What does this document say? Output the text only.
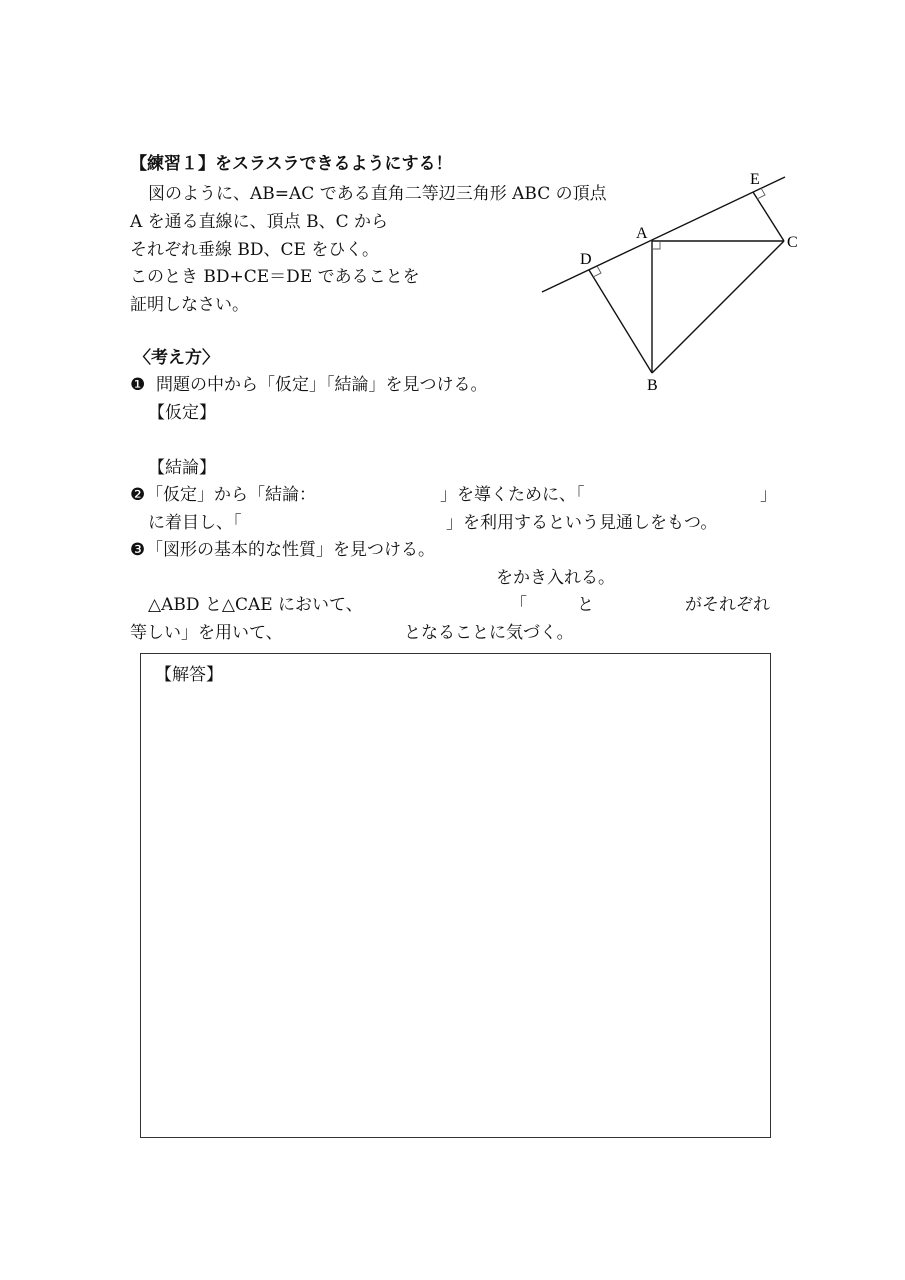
【練習１】をスラスラできるようにする！
図のように、AB=AC である直角二等辺三角形 ABC の頂点
A を通る直線に、頂点 B、C から
それぞれ垂線 BD、CE をひく。
このとき BD+CE＝DE であることを
証明しなさい。
A
B
C
D
E
〈考え方〉
❶ 問題の中から「仮定」「結論」を見つける。
【仮定】
【結論】
❷ 「仮定」から「結論：	」を導くために、「	」
に着目し、「	」を利用するという見通しをもつ。
❸ 「図形の基本的な性質」を見つける。
をかき入れる。
△ABD と△CAE において、	「	と	がそれぞれ
等しい」を用いて、	となることに気づく。
【解答】
